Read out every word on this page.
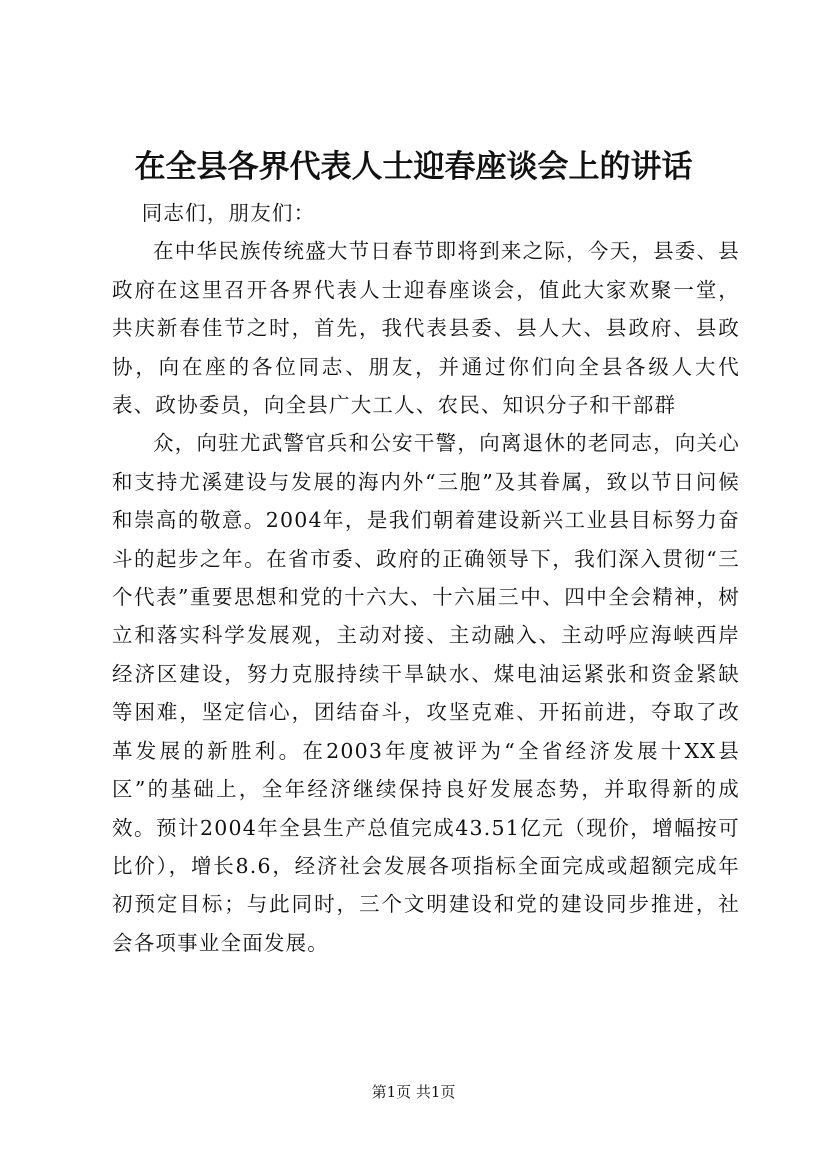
在全县各界代表人士迎春座谈会上的讲话

同志们，朋友们：

在中华民族传统盛大节日春节即将到来之际，今天，县委、县政府在这里召开各界代表人士迎春座谈会，值此大家欢聚一堂，共庆新春佳节之时，首先，我代表县委、县人大、县政府、县政协，向在座的各位同志、朋友，并通过你们向全县各级人大代表、政协委员，向全县广大工人、农民、知识分子和干部群

众，向驻尤武警官兵和公安干警，向离退休的老同志，向关心和支持尤溪建设与发展的海内外“三胞”及其眷属，致以节日问候和崇高的敬意。2004年，是我们朝着建设新兴工业县目标努力奋斗的起步之年。在省市委、政府的正确领导下，我们深入贯彻“三个代表”重要思想和党的十六大、十六届三中、四中全会精神，树立和落实科学发展观，主动对接、主动融入、主动呼应海峡西岸经济区建设，努力克服持续干旱缺水、煤电油运紧张和资金紧缺等困难，坚定信心，团结奋斗，攻坚克难、开拓前进，夺取了改革发展的新胜利。在2003年度被评为“全省经济发展十XX县区”的基础上，全年经济继续保持良好发展态势，并取得新的成效。预计2004年全县生产总值完成43.51亿元（现价，增幅按可比价），增长8.6，经济社会发展各项指标全面完成或超额完成年初预定目标；与此同时，三个文明建设和党的建设同步推进，社会各项事业全面发展。

第1页 共1页
